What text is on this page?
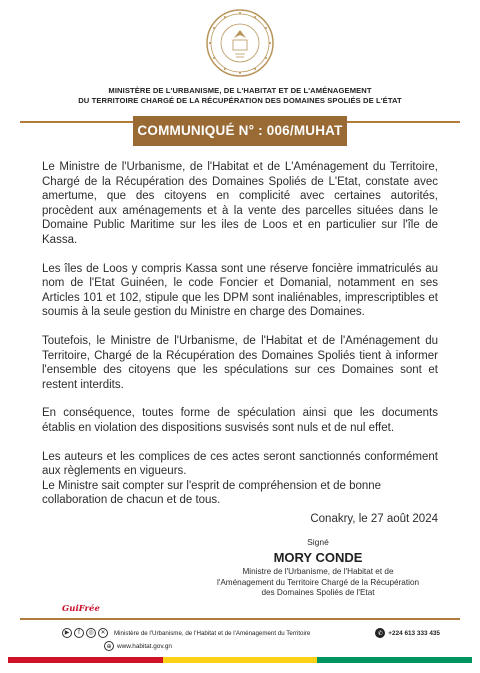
MINISTÈRE DE L'URBANISME, DE L'HABITAT ET DE L'AMÉNAGEMENT
DU TERRITOIRE CHARGÉ DE LA RÉCUPÉRATION DES DOMAINES SPOLIÉS DE L'ÉTAT
COMMUNIQUÉ N° : 006/MUHAT

Le Ministre de l'Urbanisme, de l'Habitat et de L'Aménagement du Territoire, Chargé de la Récupération des Domaines Spoliés de L'Etat, constate avec amertume, que des citoyens en complicité avec certaines autorités, procèdent aux aménagements et à la vente des parcelles situées dans le Domaine Public Maritime sur les iles de Loos et en particulier sur l'île de Kassa.

Les îles de Loos y compris Kassa sont une réserve foncière immatriculés au nom de l'Etat Guinéen, le code Foncier et Domanial, notamment en ses Articles 101 et 102, stipule que les DPM sont inaliénables, imprescriptibles et soumis à la seule gestion du Ministre en charge des Domaines.

Toutefois, le Ministre de l'Urbanisme, de l'Habitat et de l'Aménagement du Territoire, Chargé de la Récupération des Domaines Spoliés tient à informer l'ensemble des citoyens que les spéculations sur ces Domaines sont et restent interdits.

En conséquence, toutes forme de spéculation ainsi que les documents établis en violation des dispositions susvisés sont nuls et de nul effet.

Les auteurs et les complices de ces actes seront sanctionnés conformément aux règlements en vigueurs.

Le Ministre sait compter sur l'esprit de compréhension et de bonne collaboration de chacun et de tous.

Conakry, le 27 août 2024
Signé
MORY CONDE
Ministre de l'Urbanisme, de l'Habitat et de
l'Aménagement du Territoire Chargé de la Récupération
des Domaines Spoliés de l'Etat
GuiFrée
▶	f	◎	✕	Ministère de l'Urbanisme, de l'Habitat et de l'Aménagement du Territoire	✆ +224 613 333 435
⊕ www.habitat.gov.gn
